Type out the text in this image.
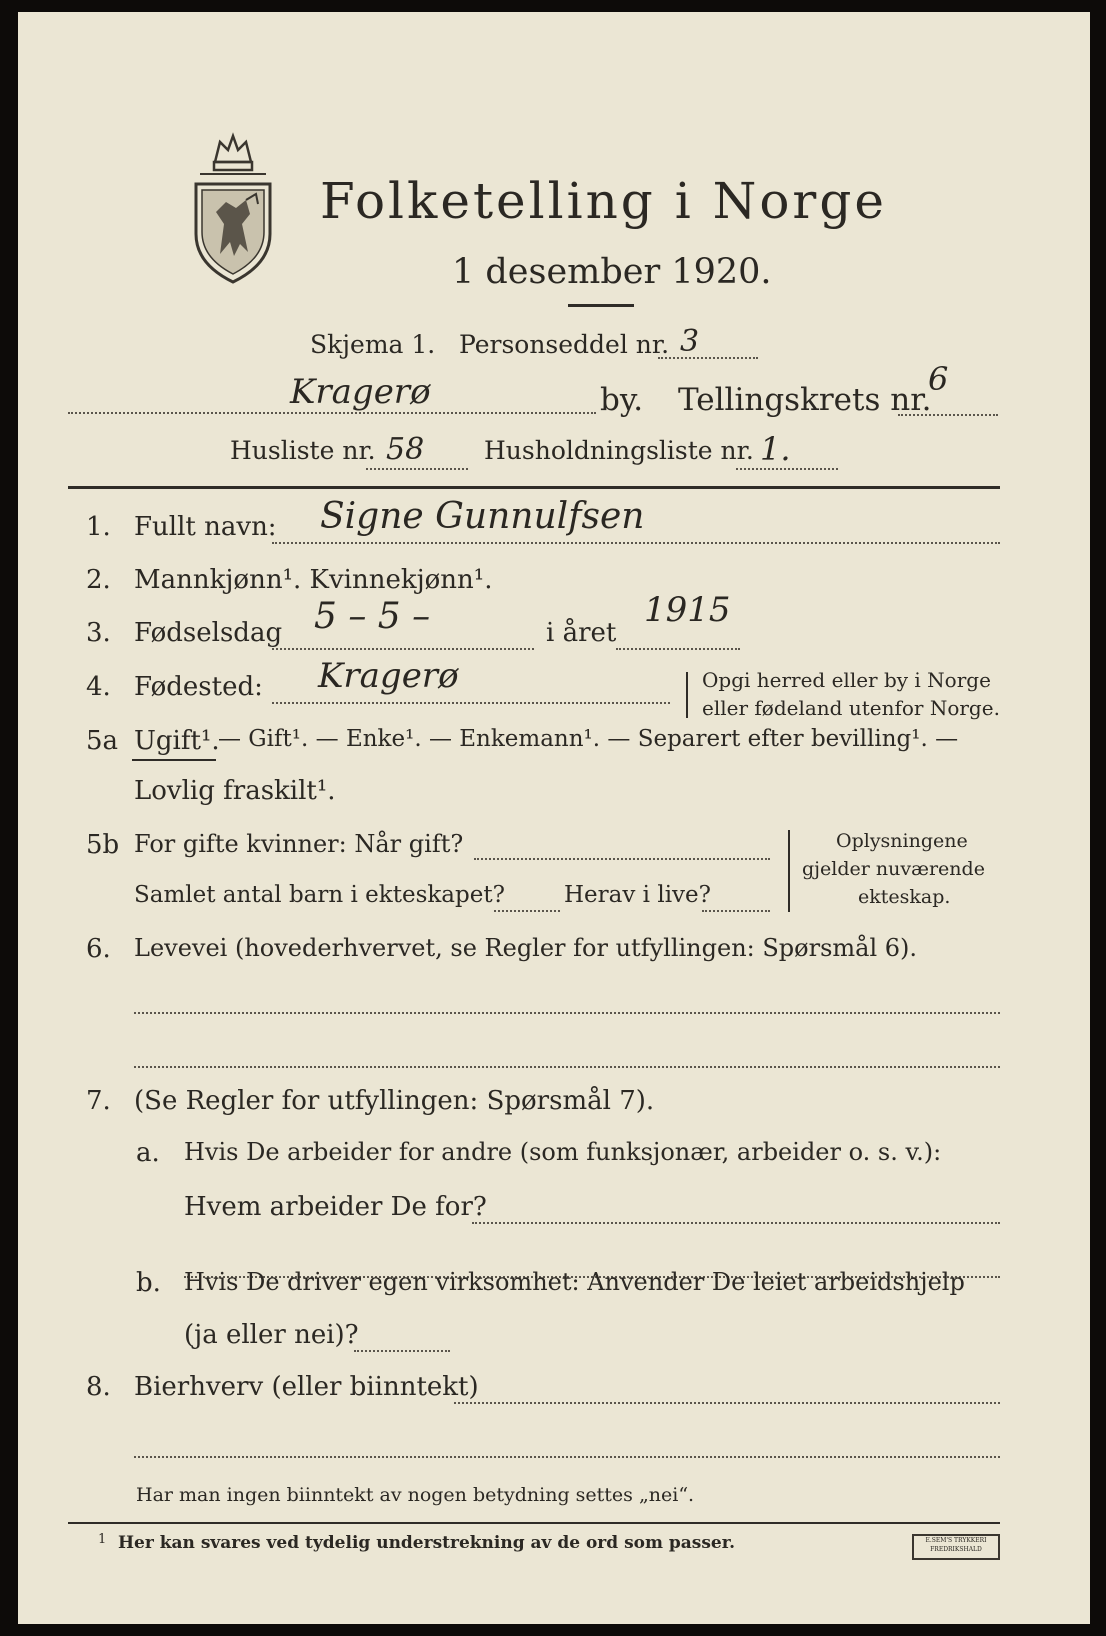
Folketelling i Norge
1 desember 1920.
Skjema 1. Personseddel nr. 3
Kragerø	by. Tellingskrets nr.
6
Husliste nr. 58 Husholdningsliste nr. 1.
1. Fullt navn: Signe Gunnulfsen
2. Mannkjønn¹. Kvinnekjønn¹.
3. Fødselsdag 5 – 5 –	i året
1915
4. Fødested: Kragerø	Opgi herred eller by i Norge
eller fødeland utenfor Norge.
5a Ugift¹.
— Gift¹. — Enke¹. — Enkemann¹. — Separert efter bevilling¹. —
Lovlig fraskilt¹.
5b For gifte kvinner: Når gift?
Samlet antal barn i ekteskapet?	Herav i live?
Oplysningene
gjelder nuværende
ekteskap.
6. Levevei (hovederhvervet, se Regler for utfyllingen: Spørsmål 6).
7. (Se Regler for utfyllingen: Spørsmål 7).
a. Hvis De arbeider for andre (som funksjonær, arbeider o. s. v.):
Hvem arbeider De for?
b. Hvis De driver egen virksomhet: Anvender De leiet arbeidshjelp
(ja eller nei)?
8. Bierhverv (eller biinntekt)
Har man ingen biinntekt av nogen betydning settes „nei“.
1 Her kan svares ved tydelig understrekning av de ord som passer.	E.SEM'S TRYKKERI
FREDRIKSHALD
